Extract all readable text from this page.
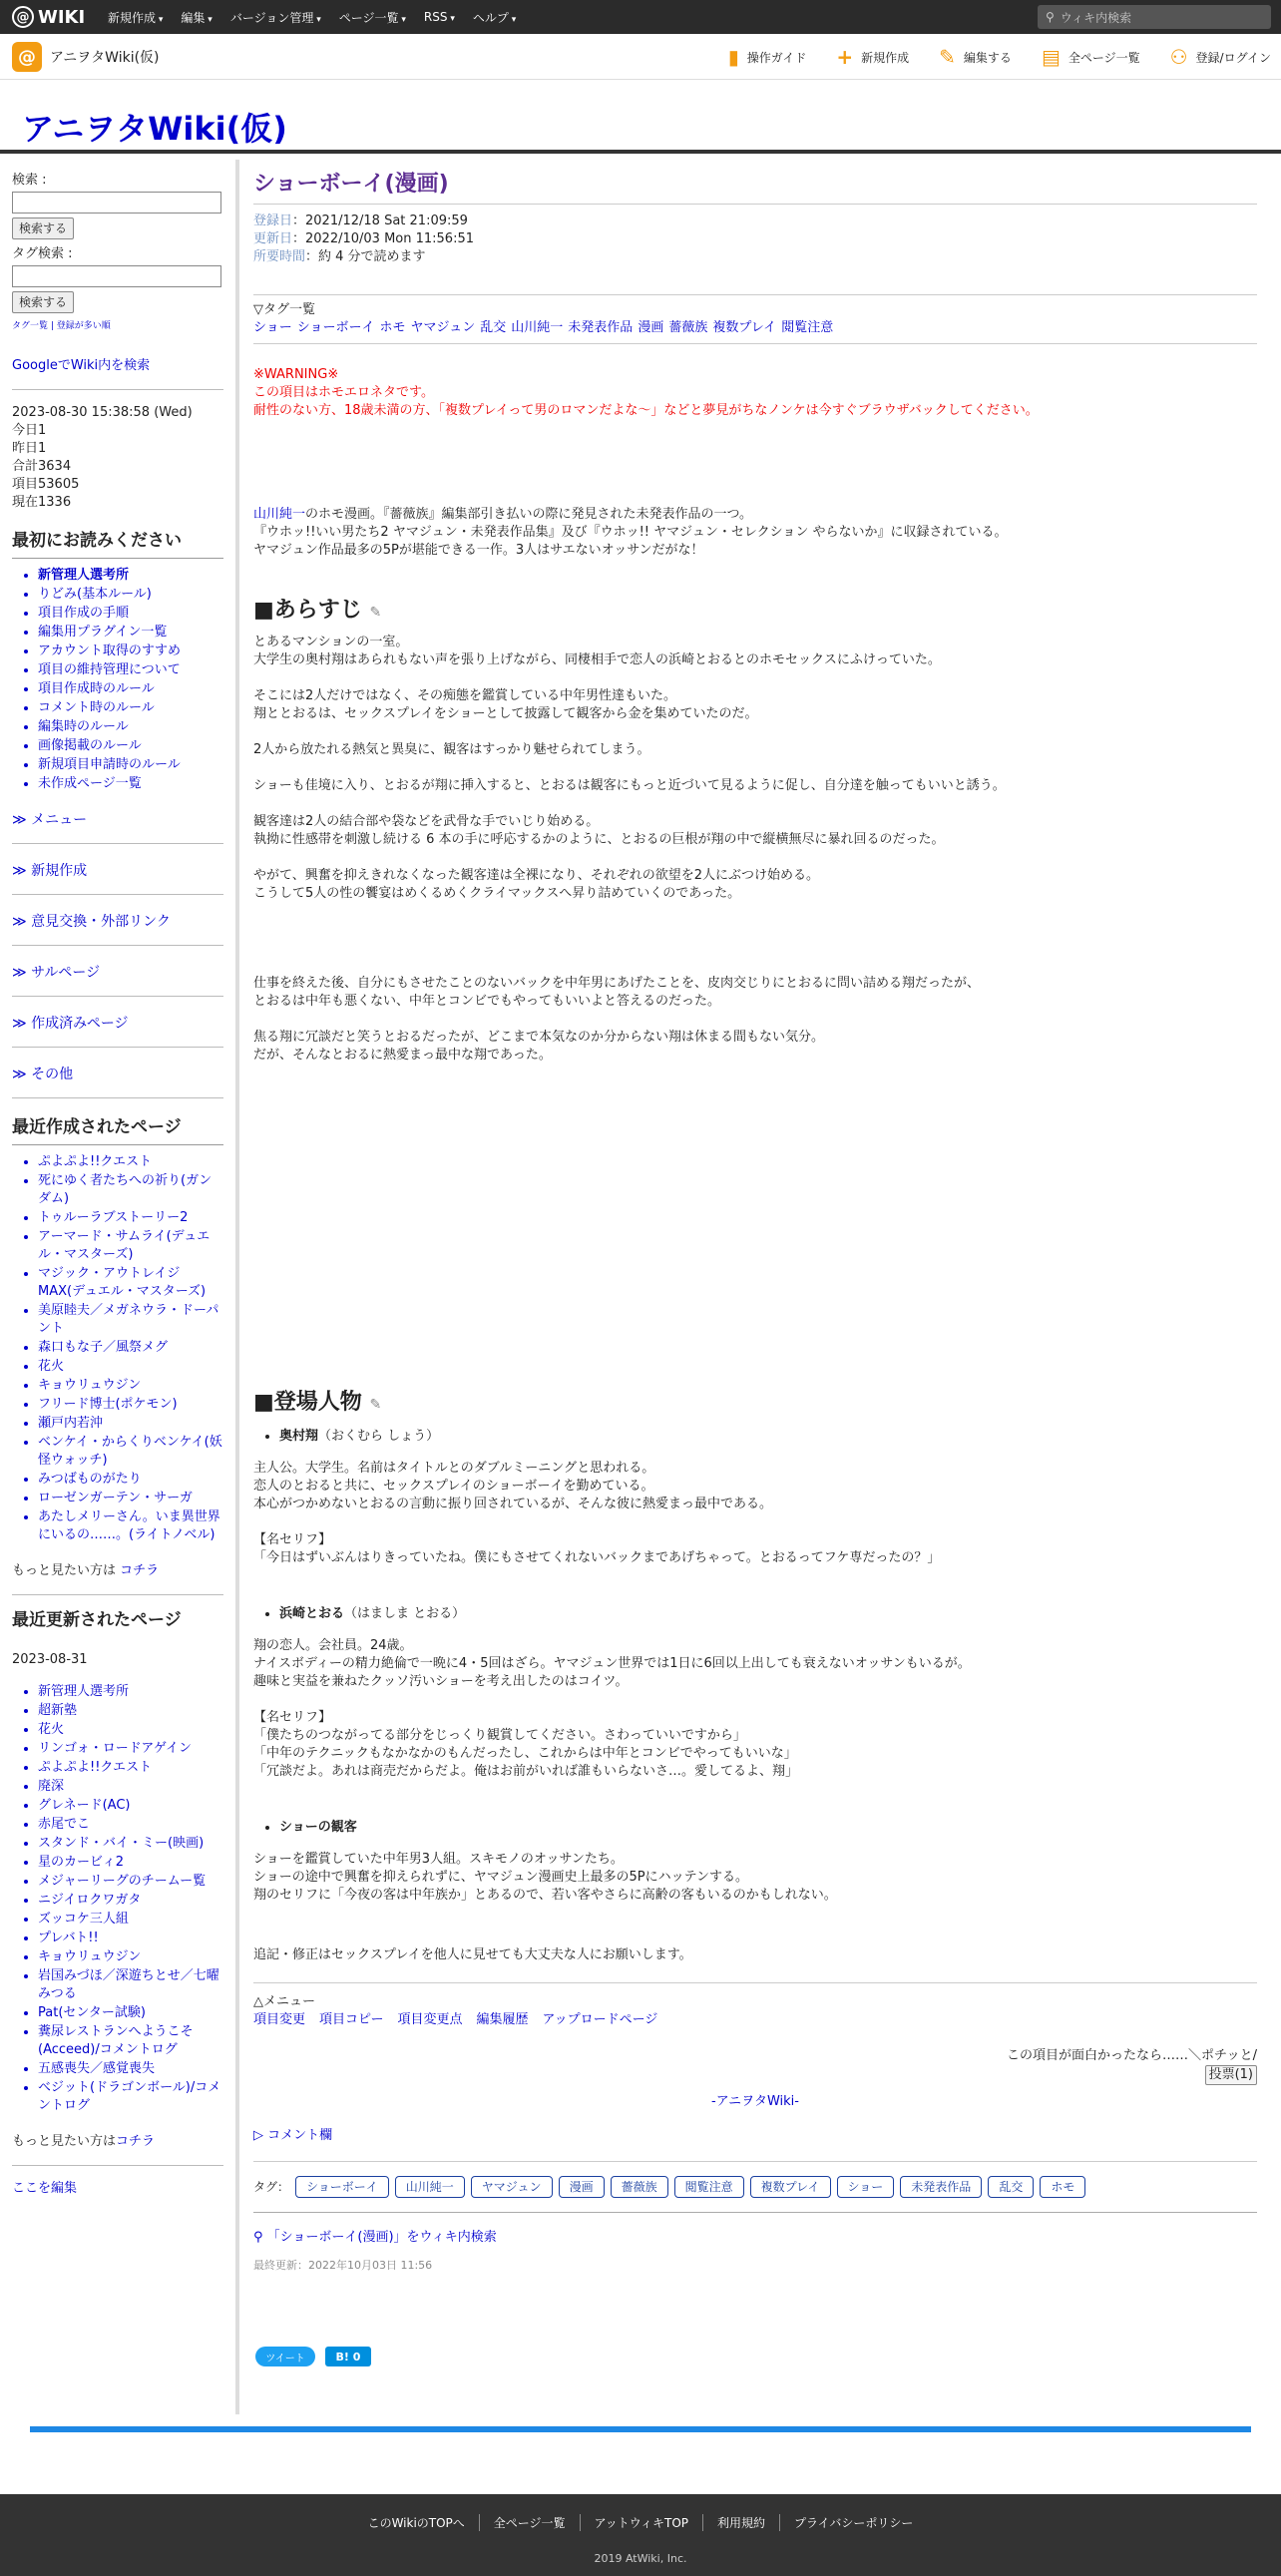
@ WIKI 新規作成 ▾	編集 ▾	バージョン管理 ▾	ページ一覧 ▾	RSS ▾	ヘルプ ▾	⚲ ウィキ内検索
@	アニヲタWiki(仮)	▮ 操作ガイド + 新規作成 ✎ 編集する ▤ 全ページ一覧 ⚇ 登録/ログイン
アニヲタWiki(仮)
検索 :
検索する
タグ検索 :
検索する
タグ一覧 | 登録が多い順
GoogleでWiki内を検索
2023-08-30 15:38:58 (Wed)
今日1
昨日1
合計3634
項目53605
現在1336
最初にお読みください
• 新管理人選考所
• りどみ(基本ルール)
• 項目作成の手順
• 編集用プラグイン一覧
• アカウント取得のすすめ
• 項目の維持管理について
• 項目作成時のルール
• コメント時のルール
• 編集時のルール
• 画像掲載のルール
• 新規項目申請時のルール
• 未作成ページ一覧
≫ メニュー
≫ 新規作成
≫ 意見交換・外部リンク
≫ サルページ
≫ 作成済みページ
≫ その他
最近作成されたページ
• ぷよぷよ!!クエスト
• 死にゆく者たちへの祈り(ガンダム)
• トゥルーラブストーリー2
• アーマード・サムライ(デュエル・マスターズ)
• マジック・アウトレイジMAX(デュエル・マスターズ)
• 美原睦夫／メガネウラ・ドーパント
• 森口もな子／風祭メグ
• 花火
• キョウリュウジン
• フリード博士(ポケモン)
• 瀬戸内若沖
• ベンケイ・からくりベンケイ(妖怪ウォッチ)
• みつばものがたり
• ローゼンガーテン・サーガ
• あたしメリーさん。いま異世界にいるの……。(ライトノベル)
もっと見たい方は コチラ
最近更新されたページ
2023-08-31
• 新管理人選考所
• 超新塾
• 花火
• リンゴォ・ロードアゲイン
• ぷよぷよ!!クエスト
• 廃深
• グレネード(AC)
• 赤尾でこ
• スタンド・バイ・ミー(映画)
• 星のカービィ2
• メジャーリーグのチームー覧
• ニジイロクワガタ
• ズッコケ三人組
• プレバト!!
• キョウリュウジン
• 岩国みづほ／深遊ちとせ／七曜みつる
• Pat(センター試験)
• 糞尿レストランへようこそ(Acceed)/コメントログ
• 五感喪失／感覚喪失
• ベジット(ドラゴンボール)/コメントログ
もっと見たい方はコチラ
ここを編集
ショーボーイ(漫画)
登録日：2021/12/18 Sat 21:09:59
更新日：2022/10/03 Mon 11:56:51
所要時間：約 4 分で読めます
▽タグ一覧
ショー ショーボーイ ホモ ヤマジュン 乱交 山川純一 未発表作品 漫画 薔薇族 複数プレイ 閲覧注意
※WARNING※
この項目はホモエロネタです。
耐性のない方、18歳未満の方、「複数プレイって男のロマンだよな〜」などと夢見がちなノンケは今すぐブラウザバックしてください。
山川純一のホモ漫画。『薔薇族』編集部引き払いの際に発見された未発表作品の一つ。
『ウホッ!!いい男たち2 ヤマジュン・未発表作品集』及び『ウホッ!! ヤマジュン・セレクション やらないか』に収録されている。
ヤマジュン作品最多の5Pが堪能できる一作。3人はサエないオッサンだがな！
■あらすじ ✎
とあるマンションの一室。
大学生の奥村翔はあられもない声を張り上げながら、同棲相手で恋人の浜崎とおるとのホモセックスにふけっていた。
そこには2人だけではなく、その痴態を鑑賞している中年男性達もいた。
翔ととおるは、セックスプレイをショーとして披露して観客から金を集めていたのだ。
2人から放たれる熱気と異臭に、観客はすっかり魅せられてしまう。
ショーも佳境に入り、とおるが翔に挿入すると、とおるは観客にもっと近づいて見るように促し、自分達を触ってもいいと誘う。
観客達は2人の結合部や袋などを武骨な手でいじり始める。
執拗に性感帯を刺激し続ける 6 本の手に呼応するかのように、とおるの巨根が翔の中で縦横無尽に暴れ回るのだった。
やがて、興奮を抑えきれなくなった観客達は全裸になり、それぞれの欲望を2人にぶつけ始める。
こうして5人の性の饗宴はめくるめくクライマックスへ昇り詰めていくのであった。
仕事を終えた後、自分にもさせたことのないバックを中年男にあげたことを、皮肉交じりにとおるに問い詰める翔だったが、
とおるは中年も悪くない、中年とコンビでもやってもいいよと答えるのだった。
焦る翔に冗談だと笑うとおるだったが、どこまで本気なのか分からない翔は休まる間もない気分。
だが、そんなとおるに熱愛まっ最中な翔であった。
■登場人物 ✎
• 奥村翔（おくむら しょう）
主人公。大学生。名前はタイトルとのダブルミーニングと思われる。
恋人のとおると共に、セックスプレイのショーボーイを勤めている。
本心がつかめないとおるの言動に振り回されているが、そんな彼に熱愛まっ最中である。
【名セリフ】
「今日はずいぶんはりきっていたね。僕にもさせてくれないバックまであげちゃって。とおるってフケ専だったの？」
• 浜崎とおる（はましま とおる）
翔の恋人。会社員。24歳。
ナイスボディーの精力絶倫で一晩に4・5回はざら。ヤマジュン世界では1日に6回以上出しても衰えないオッサンもいるが。
趣味と実益を兼ねたクッソ汚いショーを考え出したのはコイツ。
【名セリフ】
「僕たちのつながってる部分をじっくり観賞してください。さわっていいですから」
「中年のテクニックもなかなかのもんだったし、これからは中年とコンビでやってもいいな」
「冗談だよ。あれは商売だからだよ。俺はお前がいれば誰もいらないさ…。愛してるよ、翔」
• ショーの観客
ショーを鑑賞していた中年男3人組。スキモノのオッサンたち。
ショーの途中で興奮を抑えられずに、ヤマジュン漫画史上最多の5Pにハッテンする。
翔のセリフに「今夜の客は中年族か」とあるので、若い客やさらに高齢の客もいるのかもしれない。
追記・修正はセックスプレイを他人に見せても大丈夫な人にお願いします。
△メニュー
項目変更 項目コピー 項目変更点 編集履歴 アップロードページ
この項目が面白かったなら……＼ポチッと/
投票(1)
-アニヲタWiki-
▷ コメント欄
タグ：	ショーボーイ	山川純一	ヤマジュン	漫画	薔薇族	閲覧注意	複数プレイ	ショー	未発表作品	乱交	ホモ
⚲ 「ショーボーイ(漫画)」をウィキ内検索
最終更新：2022年10月03日 11:56
ツイート	B! 0
このWikiのTOPへ	全ページ一覧	アットウィキTOP	利用規約	プライバシーポリシー
2019 AtWiki, Inc.
